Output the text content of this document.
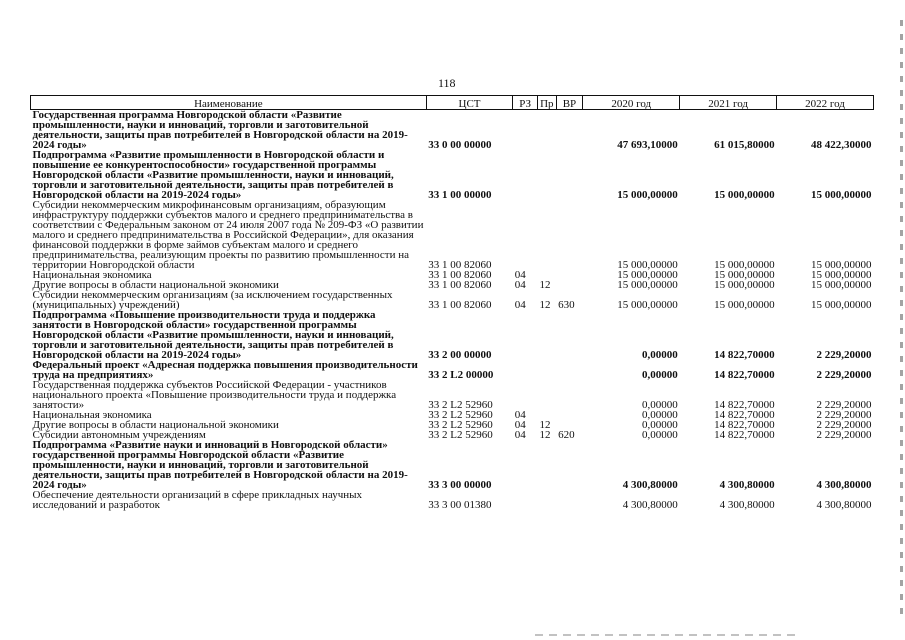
118
Наименование	ЦСТ	РЗ	Пр	ВР	2020 год	2021 год	2022 год
Государственная программа Новгородской области «Развитие промышленности, науки и инноваций, торговли и заготовительной деятельности, защиты прав потребителей в Новгородской области на 2019-2024 годы»	33 0 00 00000				47 693,10000	61 015,80000	48 422,30000
Подпрограмма «Развитие промышленности в Новгородской области и повышение ее конкурентоспособности» государственной программы Новгородской области «Развитие промышленности, науки и инноваций, торговли и заготовительной деятельности, защиты прав потребителей в Новгородской области на 2019-2024 годы»	33 1 00 00000				15 000,00000	15 000,00000	15 000,00000
Субсидии некоммерческим микрофинансовым организациям, образующим инфраструктуру поддержки субъектов малого и среднего предпринимательства в соответствии с Федеральным законом от 24 июля 2007 года № 209-ФЗ «О развитии малого и среднего предпринимательства в Российской Федерации», для оказания финансовой поддержки в форме займов субъектам малого и среднего предпринимательства, реализующим проекты по развитию промышленности на территории Новгородской области	33 1 00 82060				15 000,00000	15 000,00000	15 000,00000
Национальная экономика	33 1 00 82060	04			15 000,00000	15 000,00000	15 000,00000
Другие вопросы в области национальной экономики	33 1 00 82060	04	12		15 000,00000	15 000,00000	15 000,00000
Субсидии некоммерческим организациям (за исключением государственных (муниципальных) учреждений)	33 1 00 82060	04	12	630	15 000,00000	15 000,00000	15 000,00000
Подпрограмма «Повышение производительности труда и поддержка занятости в Новгородской области» государственной программы Новгородской области «Развитие промышленности, науки и инноваций, торговли и заготовительной деятельности, защиты прав потребителей в Новгородской области на 2019-2024 годы»	33 2 00 00000				0,00000	14 822,70000	2 229,20000
Федеральный проект «Адресная поддержка повышения производительности труда на предприятиях»	33 2 L2 00000				0,00000	14 822,70000	2 229,20000
Государственная поддержка субъектов Российской Федерации - участников национального проекта «Повышение производительности труда и поддержка занятости»	33 2 L2 52960				0,00000	14 822,70000	2 229,20000
Национальная экономика	33 2 L2 52960	04			0,00000	14 822,70000	2 229,20000
Другие вопросы в области национальной экономики	33 2 L2 52960	04	12		0,00000	14 822,70000	2 229,20000
Субсидии автономным учреждениям	33 2 L2 52960	04	12	620	0,00000	14 822,70000	2 229,20000
Подпрограмма «Развитие науки и инноваций в Новгородской области» государственной программы Новгородской области «Развитие промышленности, науки и инноваций, торговли и заготовительной деятельности, защиты прав потребителей в Новгородской области на 2019-2024 годы»	33 3 00 00000				4 300,80000	4 300,80000	4 300,80000
Обеспечение деятельности организаций в сфере прикладных научных исследований и разработок	33 3 00 01380				4 300,80000	4 300,80000	4 300,80000
